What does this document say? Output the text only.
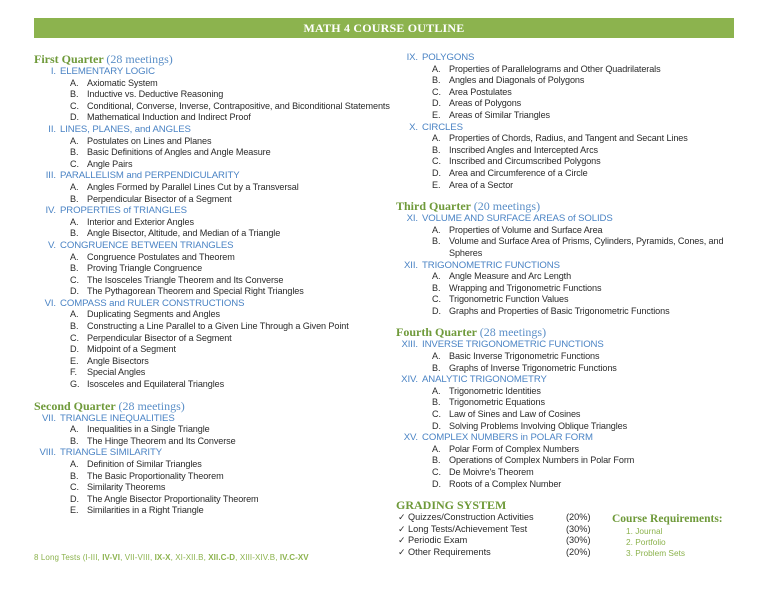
MATH 4 COURSE OUTLINE
First Quarter (28 meetings)
I. ELEMENTARY LOGIC
A. Axiomatic System
B. Inductive vs. Deductive Reasoning
C. Conditional, Converse, Inverse, Contrapositive, and Biconditional Statements
D. Mathematical Induction and Indirect Proof
II. LINES, PLANES, and ANGLES
A. Postulates on Lines and Planes
B. Basic Definitions of Angles and Angle Measure
C. Angle Pairs
III. PARALLELISM and PERPENDICULARITY
A. Angles Formed by Parallel Lines Cut by a Transversal
B. Perpendicular Bisector of a Segment
IV. PROPERTIES of TRIANGLES
A. Interior and Exterior Angles
B. Angle Bisector, Altitude, and Median of a Triangle
V. CONGRUENCE BETWEEN TRIANGLES
A. Congruence Postulates and Theorem
B. Proving Triangle Congruence
C. The Isosceles Triangle Theorem and Its Converse
D. The Pythagorean Theorem and Special Right Triangles
VI. COMPASS and RULER CONSTRUCTIONS
A. Duplicating Segments and Angles
B. Constructing a Line Parallel to a Given Line Through a Given Point
C. Perpendicular Bisector of a Segment
D. Midpoint of a Segment
E. Angle Bisectors
F.	Special Angles
G. Isosceles and Equilateral Triangles
Second Quarter (28 meetings)
VII. TRIANGLE INEQUALITIES
A. Inequalities in a Single Triangle
B. The Hinge Theorem and Its Converse
VIII. TRIANGLE SIMILARITY
A. Definition of Similar Triangles
B. The Basic Proportionality Theorem
C. Similarity Theorems
D. The Angle Bisector Proportionality Theorem
E. Similarities in a Right Triangle
IX. POLYGONS
A. Properties of Parallelograms and Other Quadrilaterals
B. Angles and Diagonals of Polygons
C. Area Postulates
D. Areas of Polygons
E. Areas of Similar Triangles
X. CIRCLES
A. Properties of Chords, Radius, and Tangent and Secant Lines
B. Inscribed Angles and Intercepted Arcs
C. Inscribed and Circumscribed Polygons
D. Area and Circumference of a Circle
E. Area of a Sector
Third Quarter (20 meetings)
XI. VOLUME AND SURFACE AREAS of SOLIDS
A. Properties of Volume and Surface Area
B. Volume and Surface Area of Prisms, Cylinders, Pyramids, Cones, and Spheres
XII. TRIGONOMETRIC FUNCTIONS
A. Angle Measure and Arc Length
B. Wrapping and Trigonometric Functions
C. Trigonometric Function Values
D. Graphs and Properties of Basic Trigonometric Functions
Fourth Quarter (28 meetings)
XIII. INVERSE TRIGONOMETRIC FUNCTIONS
A. Basic Inverse Trigonometric Functions
B. Graphs of Inverse Trigonometric Functions
XIV. ANALYTIC TRIGONOMETRY
A. Trigonometric Identities
B. Trigonometric Equations
C. Law of Sines and Law of Cosines
D. Solving Problems Involving Oblique Triangles
XV. COMPLEX NUMBERS in POLAR FORM
A. Polar Form of Complex Numbers
B. Operations of Complex Numbers in Polar Form
C. De Moivre's Theorem
D. Roots of a Complex Number
GRADING SYSTEM
✓ Quizzes/Construction Activities	(20%)
✓ Long Tests/Achievement Test	(30%)
✓ Periodic Exam	(30%)
✓ Other Requirements	(20%)
Course Requirements:
1. Journal
2. Portfolio
3. Problem Sets
8 Long Tests (I-III, IV-VI, VII-VIII, IX-X, XI-XII.B, XII.C-D, XIII-XIV.B, IV.C-XV
